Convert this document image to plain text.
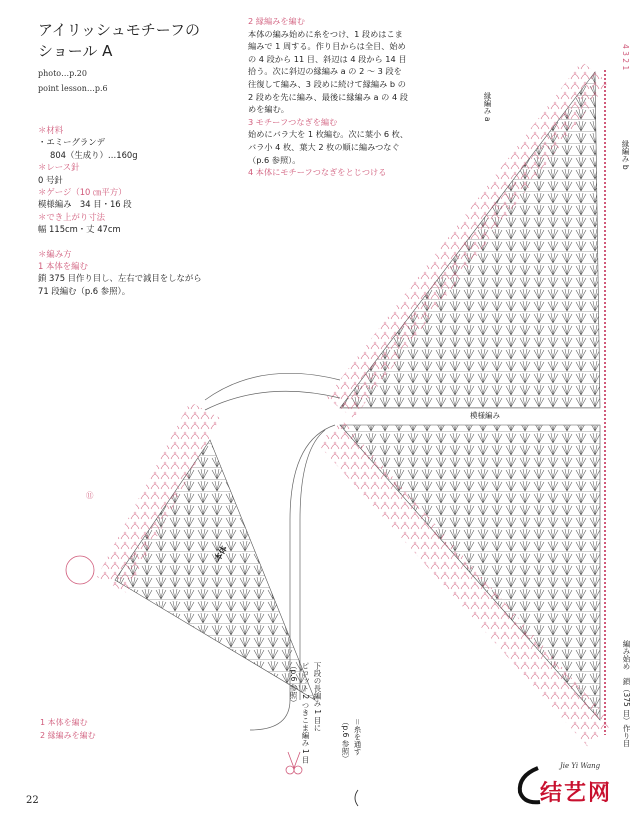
アイリッシュモチーフの
ショール A
photo…p.20
point lesson…p.6
＊材料
・エミーグランデ
804（生成り）…160g
＊レース針
0 号針
＊ゲージ（10 ㎝平方）
模様編み　34 目・16 段
＊でき上がり寸法
幅 115cm・丈 47cm
＊編み方
1 本体を編む
鎖 375 目作り目し、左右で減目をしながら
71 段編む（p.6 参照）。
2 縁編みを編む
本体の編み始めに糸をつけ、1 段めはこま
編みで 1 周する。作り目からは全目、始め
の 4 段から 11 目、斜辺は 4 段から 14 目
拾う。次に斜辺の縁編み a の 2 ～ 3 段を
往復して編み、3 段めに続けて縁編み b の
2 段めを先に編み、最後に縁編み a の 4 段
めを編む。
3 モチーフつなぎを編む
始めにバラ大を 1 枚編む。次に葉小 6 枚、
バラ小 4 枚、葉大 2 枚の順に編みつなぐ
（p.6 参照）。
4 本体にモチーフつなぎをとじつける
本体
模様編み
縁編み a
縁編み b
編み始め　鎖（375 目）作り目
4 3 2 1
⑪
下段の長編み 1 目に
ピコット 2 つきこま編み 1 目
（p.6 参照）
＝糸を通す
（p.6 参照）
1 本体を編む
2 縁編みを編む
22
Jie Yi Wang
结艺网
